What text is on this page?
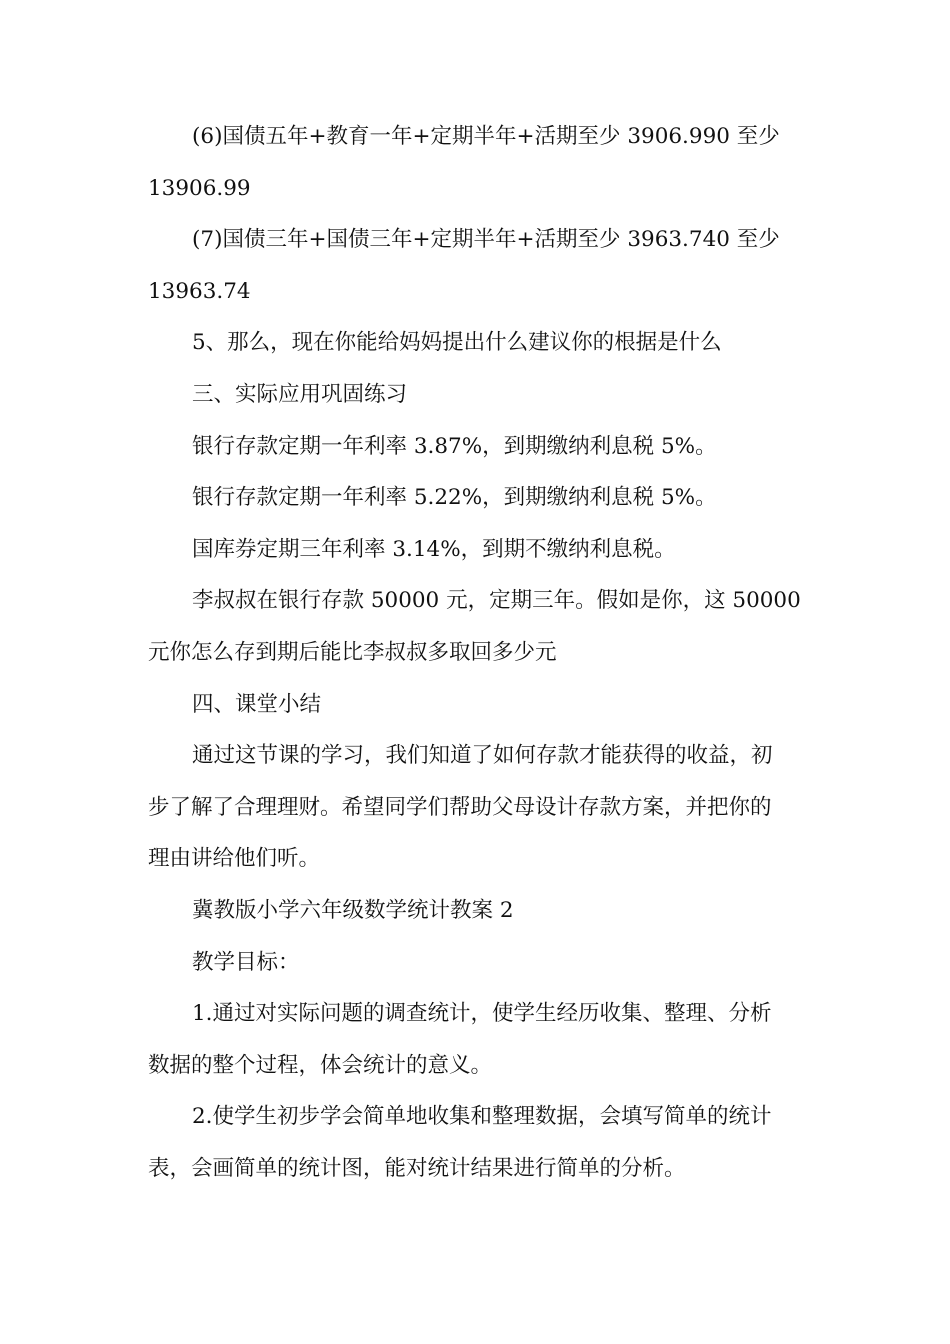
(6)国债五年+教育一年+定期半年+活期至少 3906.990 至少
13906.99

(7)国债三年+国债三年+定期半年+活期至少 3963.740 至少
13963.74

5、那么，现在你能给妈妈提出什么建议你的根据是什么

三、实际应用巩固练习

银行存款定期一年利率 3.87%，到期缴纳利息税 5%。

银行存款定期一年利率 5.22%，到期缴纳利息税 5%。

国库券定期三年利率 3.14%，到期不缴纳利息税。

李叔叔在银行存款 50000 元，定期三年。假如是你，这 50000
元你怎么存到期后能比李叔叔多取回多少元

四、课堂小结

通过这节课的学习，我们知道了如何存款才能获得的收益，初
步了解了合理理财。希望同学们帮助父母设计存款方案，并把你的
理由讲给他们听。

冀教版小学六年级数学统计教案 2

教学目标：

1.通过对实际问题的调查统计，使学生经历收集、整理、分析
数据的整个过程，体会统计的意义。

2.使学生初步学会简单地收集和整理数据，会填写简单的统计
表，会画简单的统计图，能对统计结果进行简单的分析。
